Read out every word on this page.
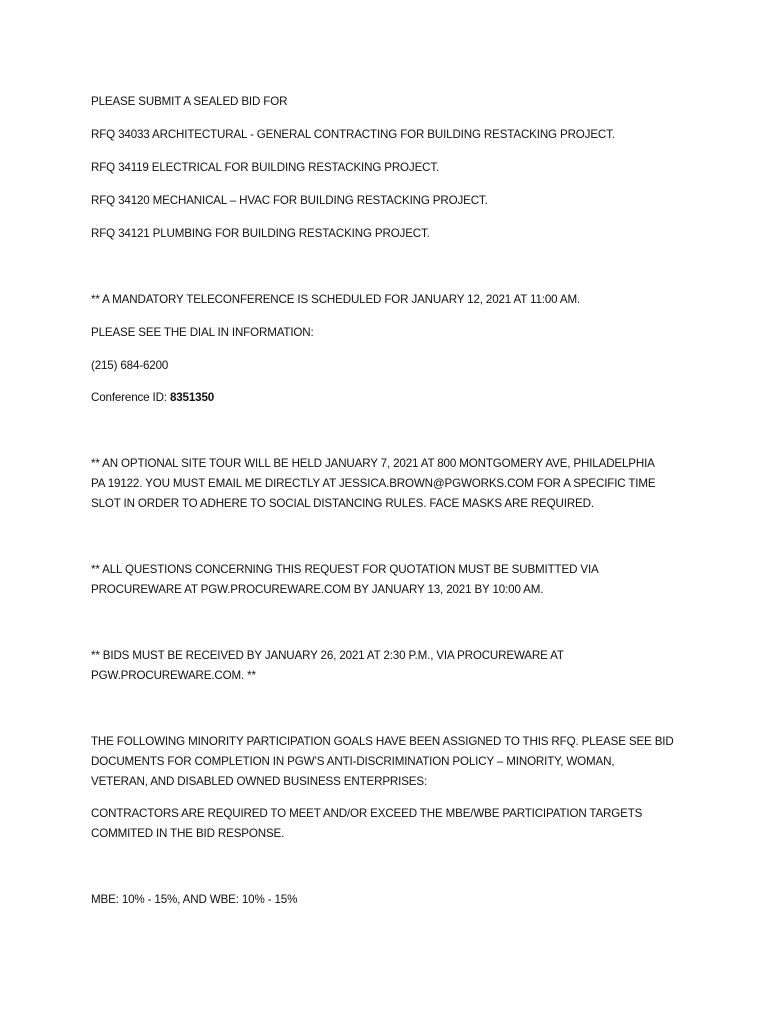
PLEASE SUBMIT A SEALED BID FOR

RFQ 34033 ARCHITECTURAL - GENERAL CONTRACTING FOR BUILDING RESTACKING PROJECT.

RFQ 34119 ELECTRICAL FOR BUILDING RESTACKING PROJECT.

RFQ 34120 MECHANICAL – HVAC FOR BUILDING RESTACKING PROJECT.

RFQ 34121 PLUMBING FOR BUILDING RESTACKING PROJECT.

** A MANDATORY TELECONFERENCE IS SCHEDULED FOR JANUARY 12, 2021 AT 11:00 AM.

PLEASE SEE THE DIAL IN INFORMATION:

(215) 684-6200

Conference ID: 8351350

** AN OPTIONAL SITE TOUR WILL BE HELD JANUARY 7, 2021 AT 800 MONTGOMERY AVE, PHILADELPHIA
PA 19122. YOU MUST EMAIL ME DIRECTLY AT JESSICA.BROWN@PGWORKS.COM FOR A SPECIFIC TIME
SLOT IN ORDER TO ADHERE TO SOCIAL DISTANCING RULES. FACE MASKS ARE REQUIRED.
** ALL QUESTIONS CONCERNING THIS REQUEST FOR QUOTATION MUST BE SUBMITTED VIA
PROCUREWARE AT PGW.PROCUREWARE.COM BY JANUARY 13, 2021 BY 10:00 AM.
** BIDS MUST BE RECEIVED BY JANUARY 26, 2021 AT 2:30 P.M., VIA PROCUREWARE AT
PGW.PROCUREWARE.COM. **
THE FOLLOWING MINORITY PARTICIPATION GOALS HAVE BEEN ASSIGNED TO THIS RFQ. PLEASE SEE BID
DOCUMENTS FOR COMPLETION IN PGW’S ANTI-DISCRIMINATION POLICY – MINORITY, WOMAN,
VETERAN, AND DISABLED OWNED BUSINESS ENTERPRISES:
CONTRACTORS ARE REQUIRED TO MEET AND/OR EXCEED THE MBE/WBE PARTICIPATION TARGETS
COMMITED IN THE BID RESPONSE.

MBE: 10% - 15%, AND WBE: 10% - 15%
